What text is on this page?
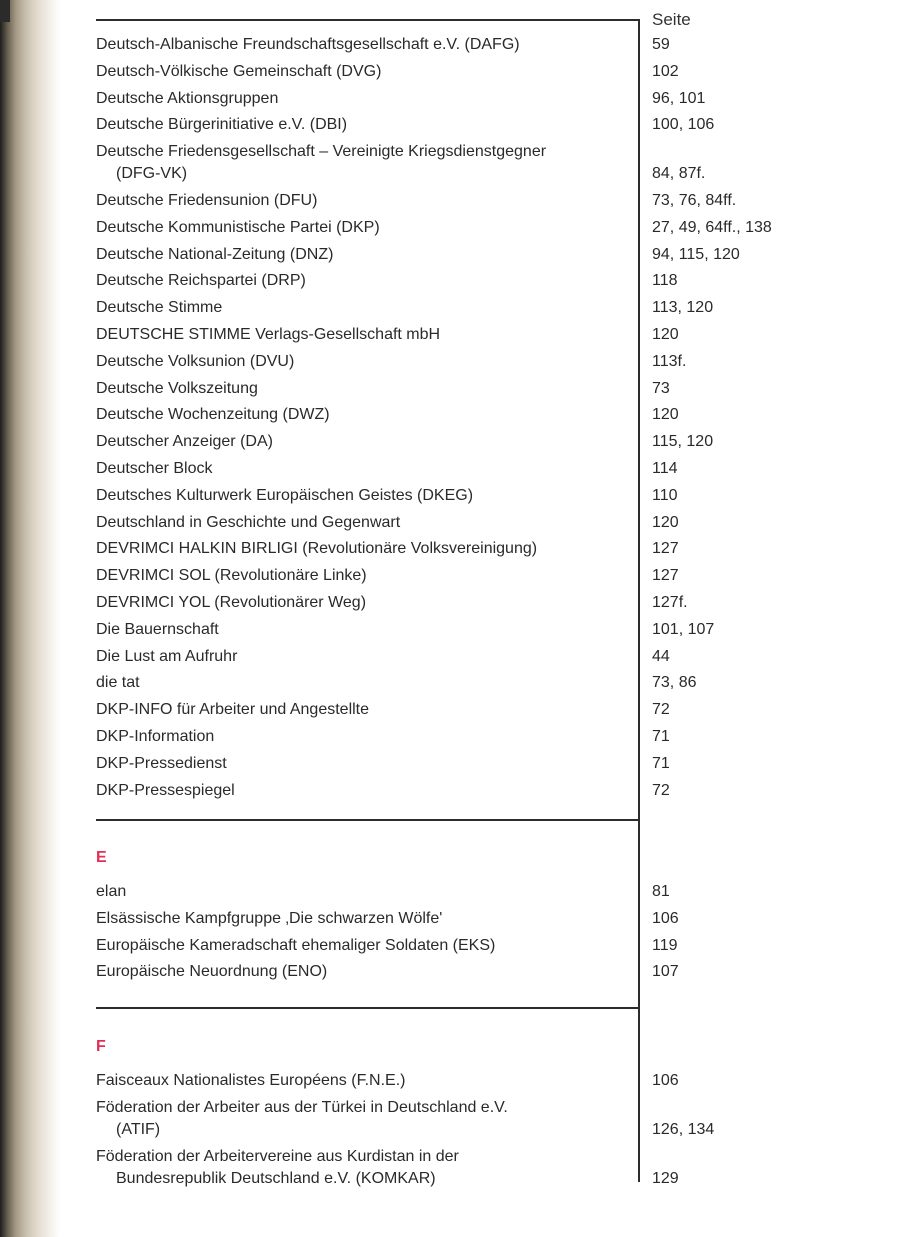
Seite
Deutsch-Albanische Freundschaftsgesellschaft e.V. (DAFG)	59
Deutsch-Völkische Gemeinschaft (DVG)	102
Deutsche Aktionsgruppen	96, 101
Deutsche Bürgerinitiative e.V. (DBI)	100, 106
Deutsche Friedensgesellschaft – Vereinigte Kriegsdienstgegner
(DFG-VK)	84, 87f.
Deutsche Friedensunion (DFU)	73, 76, 84ff.
Deutsche Kommunistische Partei (DKP)	27, 49, 64ff., 138
Deutsche National-Zeitung (DNZ)	94, 115, 120
Deutsche Reichspartei (DRP)	118
Deutsche Stimme	113, 120
DEUTSCHE STIMME Verlags-Gesellschaft mbH	120
Deutsche Volksunion (DVU)	113f.
Deutsche Volkszeitung	73
Deutsche Wochenzeitung (DWZ)	120
Deutscher Anzeiger (DA)	115, 120
Deutscher Block	114
Deutsches Kulturwerk Europäischen Geistes (DKEG)	110
Deutschland in Geschichte und Gegenwart	120
DEVRIMCI HALKIN BIRLIGI (Revolutionäre Volksvereinigung)	127
DEVRIMCI SOL (Revolutionäre Linke)	127
DEVRIMCI YOL (Revolutionärer Weg)	127f.
Die Bauernschaft	101, 107
Die Lust am Aufruhr	44
die tat	73, 86
DKP-INFO für Arbeiter und Angestellte	72
DKP-Information	71
DKP-Pressedienst	71
DKP-Pressespiegel	72
E
elan	81
Elsässische Kampfgruppe ‚Die schwarzen Wölfe'	106
Europäische Kameradschaft ehemaliger Soldaten (EKS)	119
Europäische Neuordnung (ENO)	107
F
Faisceaux Nationalistes Européens (F.N.E.)	106
Föderation der Arbeiter aus der Türkei in Deutschland e.V.
(ATIF)	126, 134
Föderation der Arbeitervereine aus Kurdistan in der
Bundesrepublik Deutschland e.V. (KOMKAR)	129
